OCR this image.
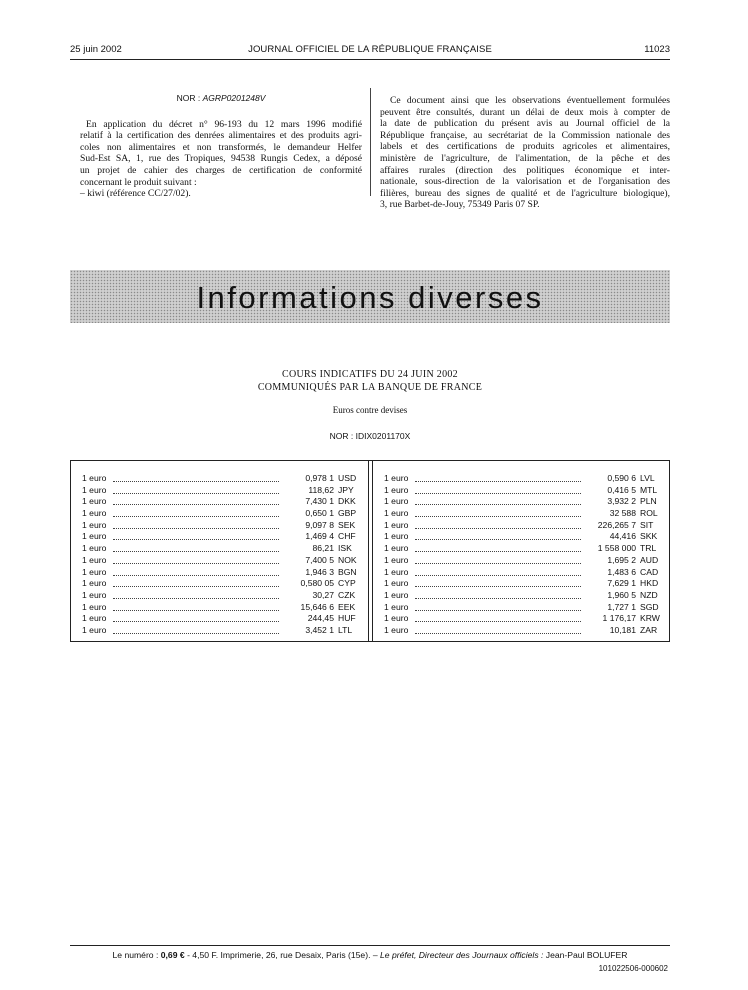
25 juin 2002	JOURNAL OFFICIEL DE LA RÉPUBLIQUE FRANÇAISE	11023
NOR : AGRP0201248V

En application du décret n° 96-193 du 12 mars 1996 modifié

relatif à la certification des denrées alimentaires et des produits agri-

coles non alimentaires et non transformés, le demandeur Helfer

Sud-Est SA, 1, rue des Tropiques, 94538 Rungis Cedex, a déposé

un projet de cahier des charges de certification de conformité

concernant le produit suivant :

– kiwi (référence CC/27/02).

Ce document ainsi que les observations éventuellement formulées

peuvent être consultés, durant un délai de deux mois à compter de

la date de publication du présent avis au Journal officiel de la

République française, au secrétariat de la Commission nationale des

labels et des certifications de produits agricoles et alimentaires,

ministère de l'agriculture, de l'alimentation, de la pêche et des

affaires rurales (direction des politiques économique et inter-

nationale, sous-direction de la valorisation et de l'organisation des

filières, bureau des signes de qualité et de l'agriculture biologique),

3, rue Barbet-de-Jouy, 75349 Paris 07 SP.

Informations diverses
COURS INDICATIFS DU 24 JUIN 2002
COMMUNIQUÉS PAR LA BANQUE DE FRANCE
Euros contre devises
NOR : IDIX0201170X
1 euro	0,978 1 USD
1 euro	118,62 JPY
1 euro	7,430 1 DKK
1 euro	0,650 1 GBP
1 euro	9,097 8 SEK
1 euro	1,469 4 CHF
1 euro	86,21 ISK
1 euro	7,400 5 NOK
1 euro	1,946 3 BGN
1 euro	0,580 05 CYP
1 euro	30,27 CZK
1 euro	15,646 6 EEK
1 euro	244,45 HUF
1 euro	3,452 1 LTL
1 euro	0,590 6 LVL
1 euro	0,416 5 MTL
1 euro	3,932 2 PLN
1 euro	32 588 ROL
1 euro	226,265 7 SIT
1 euro	44,416 SKK
1 euro	1 558 000 TRL
1 euro	1,695 2 AUD
1 euro	1,483 6 CAD
1 euro	7,629 1 HKD
1 euro	1,960 5 NZD
1 euro	1,727 1 SGD
1 euro	1 176,17 KRW
1 euro	10,181 ZAR
Le numéro : 0,69 € - 4,50 F. Imprimerie, 26, rue Desaix, Paris (15e). – Le préfet, Directeur des Journaux officiels : Jean-Paul BOLUFER
101022506-000602
